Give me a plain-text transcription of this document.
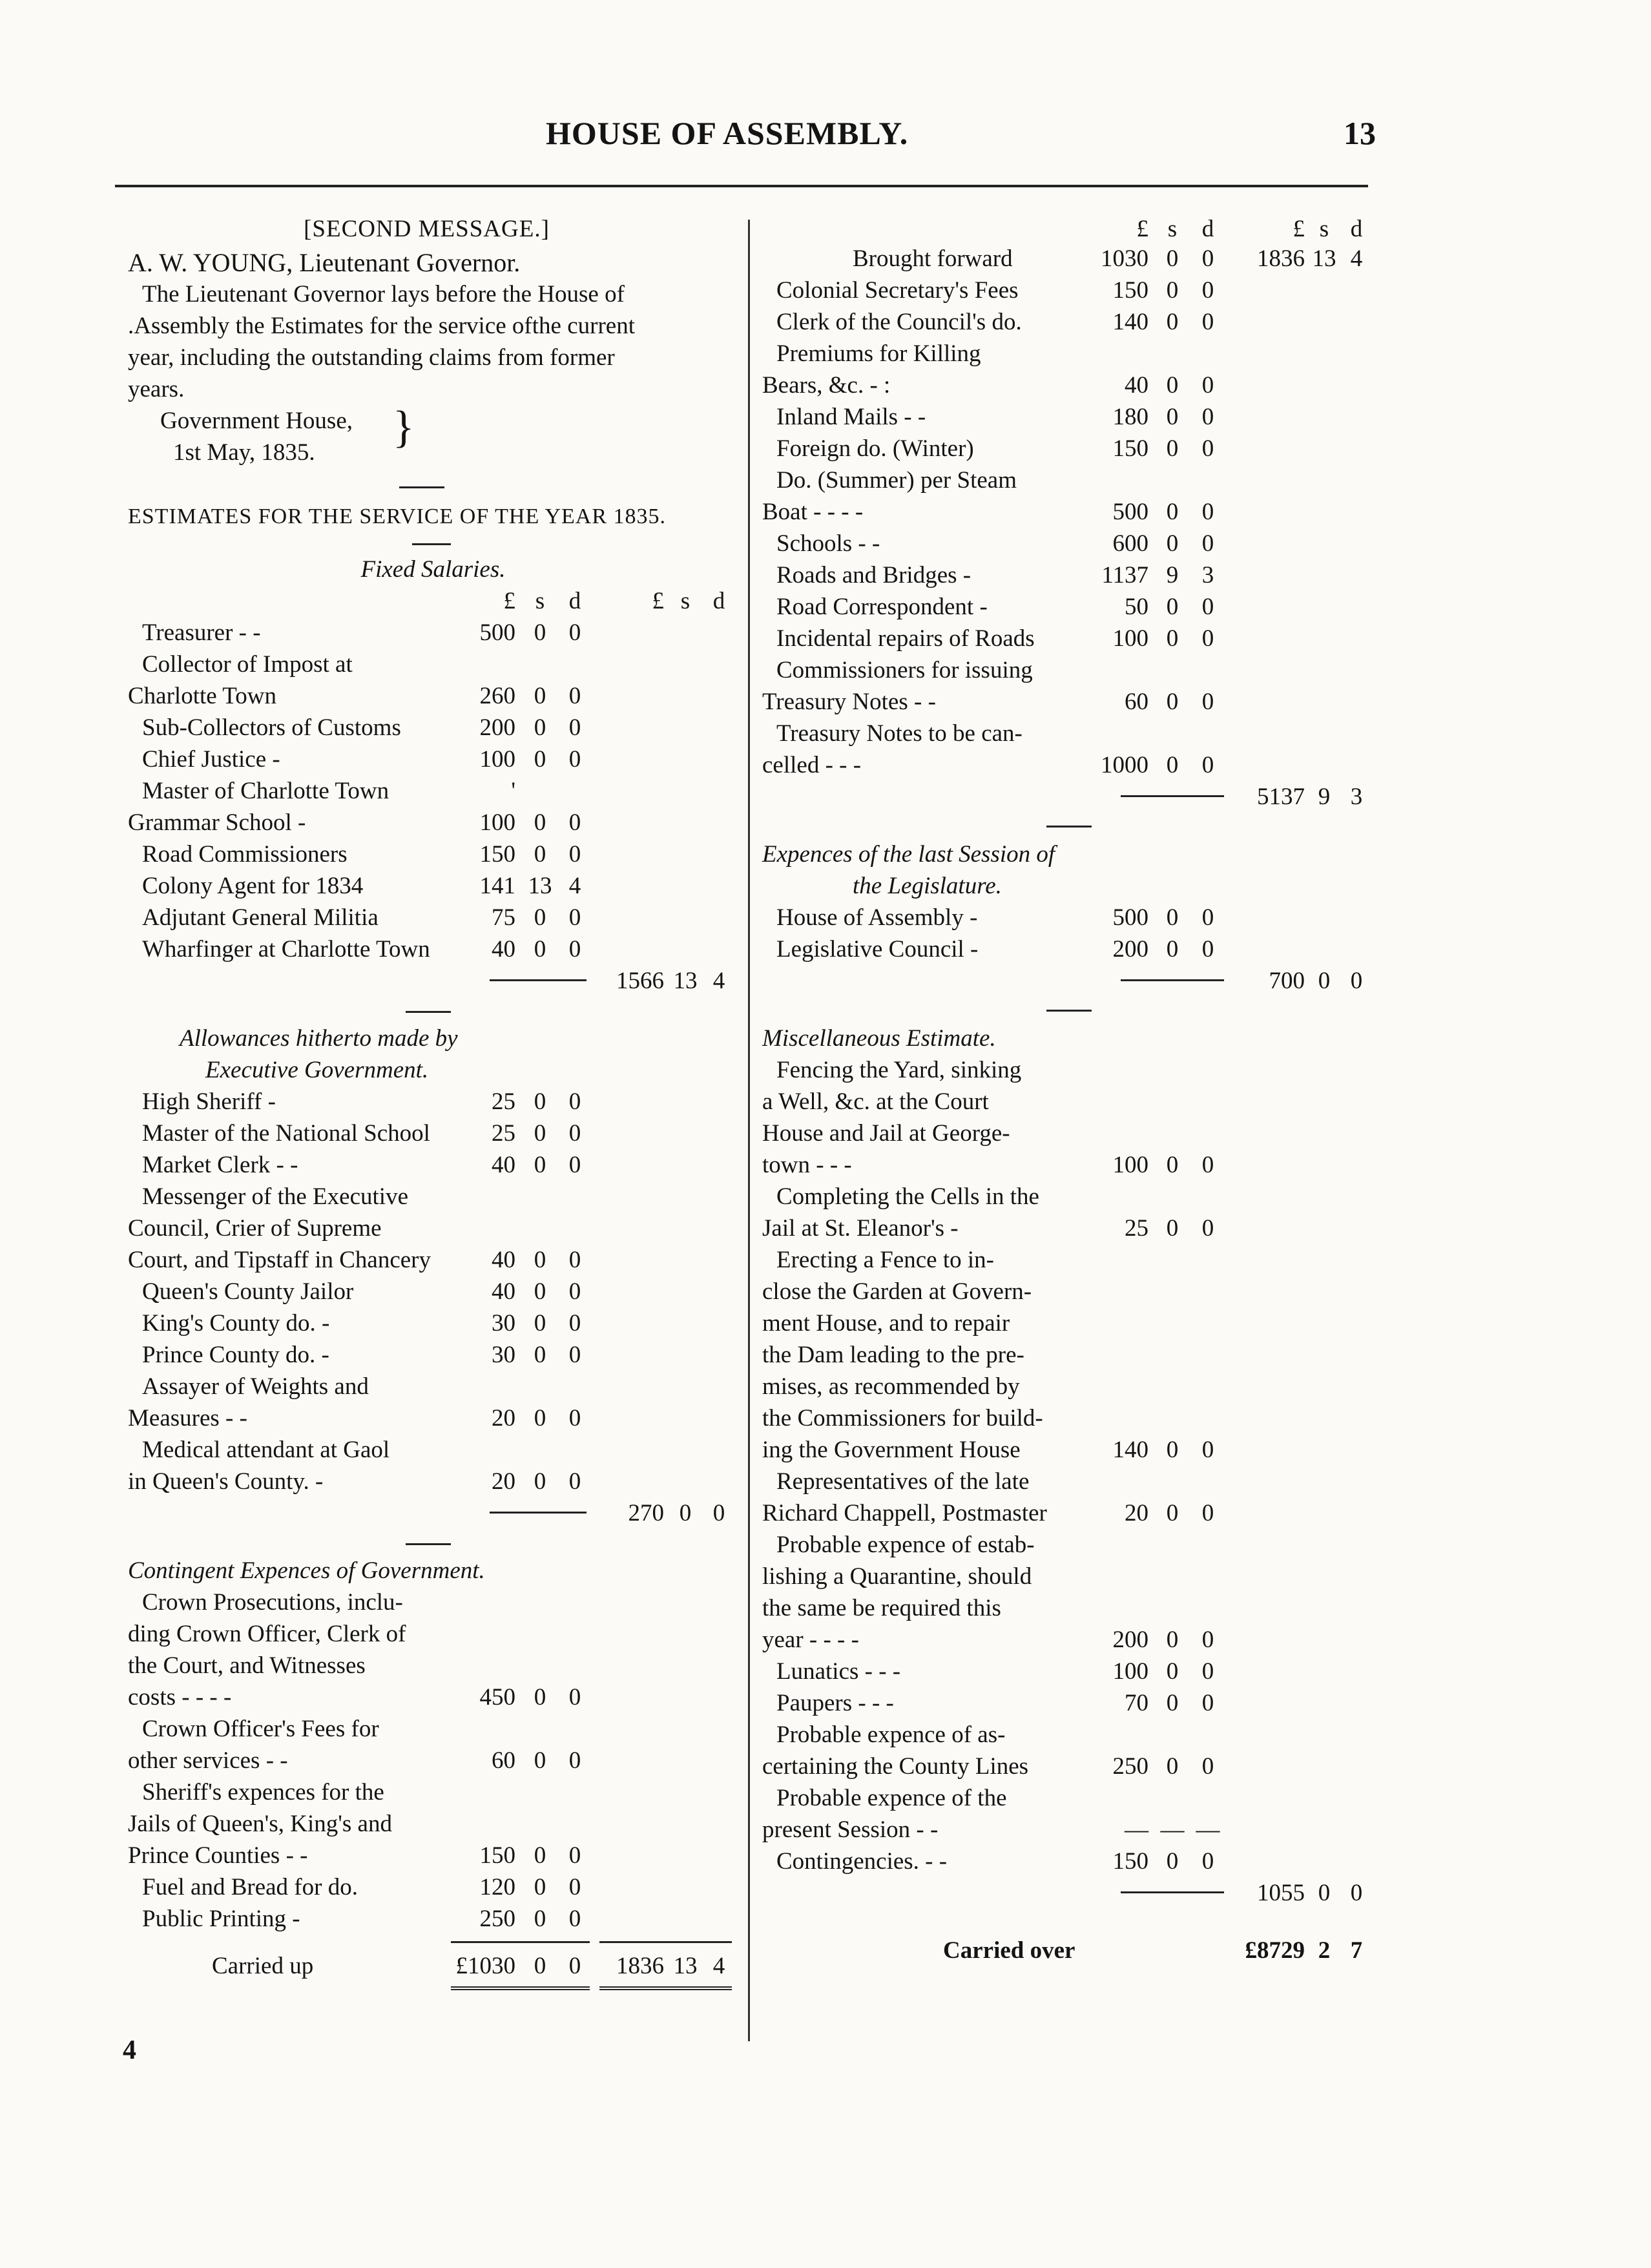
HOUSE OF ASSEMBLY.	13
[SECOND MESSAGE.]
A. W. YOUNG, Lieutenant Governor.
The Lieutenant Governor lays before the House of
.Assembly the Estimates for the service ofthe current
year, including the outstanding claims from former
years.
Government House, }
1st May, 1835.
ESTIMATES FOR THE SERVICE OF THE YEAR 1835.
Fixed Salaries.
£ s	d	£ s d
Treasurer - -	500 0 0
Collector of Impost at
Charlotte Town	260 0 0
Sub-Collectors of Customs	200 0 0
Chief Justice -	100 0 0
Master of Charlotte Town	'
Grammar School -	100 0 0
Road Commissioners	150 0 0
Colony Agent for 1834	141 13 4
Adjutant General Militia	75 0 0
Wharfinger at Charlotte Town	40 0 0
1566 13 4
Allowances hitherto made by
Executive Government.
High Sheriff -	25 0 0
Master of the National School	25 0 0
Market Clerk - -	40 0 0
Messenger of the Executive
Council, Crier of Supreme
Court, and Tipstaff in Chancery	40 0 0
Queen's County Jailor	40 0 0
King's County do. -	30 0 0
Prince County do. -	30 0 0
Assayer of Weights and
Measures - -	20 0 0
Medical attendant at Gaol
in Queen's County. -	20 0 0
270 0 0
Contingent Expences of Government.
Crown Prosecutions, inclu-
ding Crown Officer, Clerk of
the Court, and Witnesses
costs - - - -	450 0 0
Crown Officer's Fees for
other services - -	60 0 0
Sheriff's expences for the
Jails of Queen's, King's and
Prince Counties - -	150 0 0
Fuel and Bread for do.	120 0 0
Public Printing -	250 0 0
Carried up	£1030 0 0	1836 13 4
4
£ s	d	£ s d
Brought forward	1030 0 0	1836 13 4
Colonial Secretary's Fees	150 0 0
Clerk of the Council's do.	140 0 0
Premiums for Killing
Bears, &c. - :	40 0 0
Inland Mails - -	180 0 0
Foreign do. (Winter)	150 0 0
Do. (Summer) per Steam
Boat - - - -	500 0 0
Schools - -	600 0 0
Roads and Bridges -	1137 9 3
Road Correspondent -	50 0 0
Incidental repairs of Roads	100 0 0
Commissioners for issuing
Treasury Notes - -	60 0 0
Treasury Notes to be can-
celled - - -	1000 0 0
5137 9 3
Expences of the last Session of
the Legislature.
House of Assembly -	500 0 0
Legislative Council -	200 0 0
700 0 0
Miscellaneous Estimate.
Fencing the Yard, sinking
a Well, &c. at the Court
House and Jail at George-
town - - -	100 0 0
Completing the Cells in the
Jail at St. Eleanor's -	25 0 0
Erecting a Fence to in-
close the Garden at Govern-
ment House, and to repair
the Dam leading to the pre-
mises, as recommended by
the Commissioners for build-
ing the Government House	140 0 0
Representatives of the late
Richard Chappell, Postmaster	20 0 0
Probable expence of estab-
lishing a Quarantine, should
the same be required this
year - - - -	200 0 0
Lunatics - - -	100 0 0
Paupers - - -	70 0 0
Probable expence of as-
certaining the County Lines	250 0 0
Probable expence of the
present Session - -	— — —
Contingencies. - -	150 0 0
1055 0 0
Carried over	£8729 2 7
